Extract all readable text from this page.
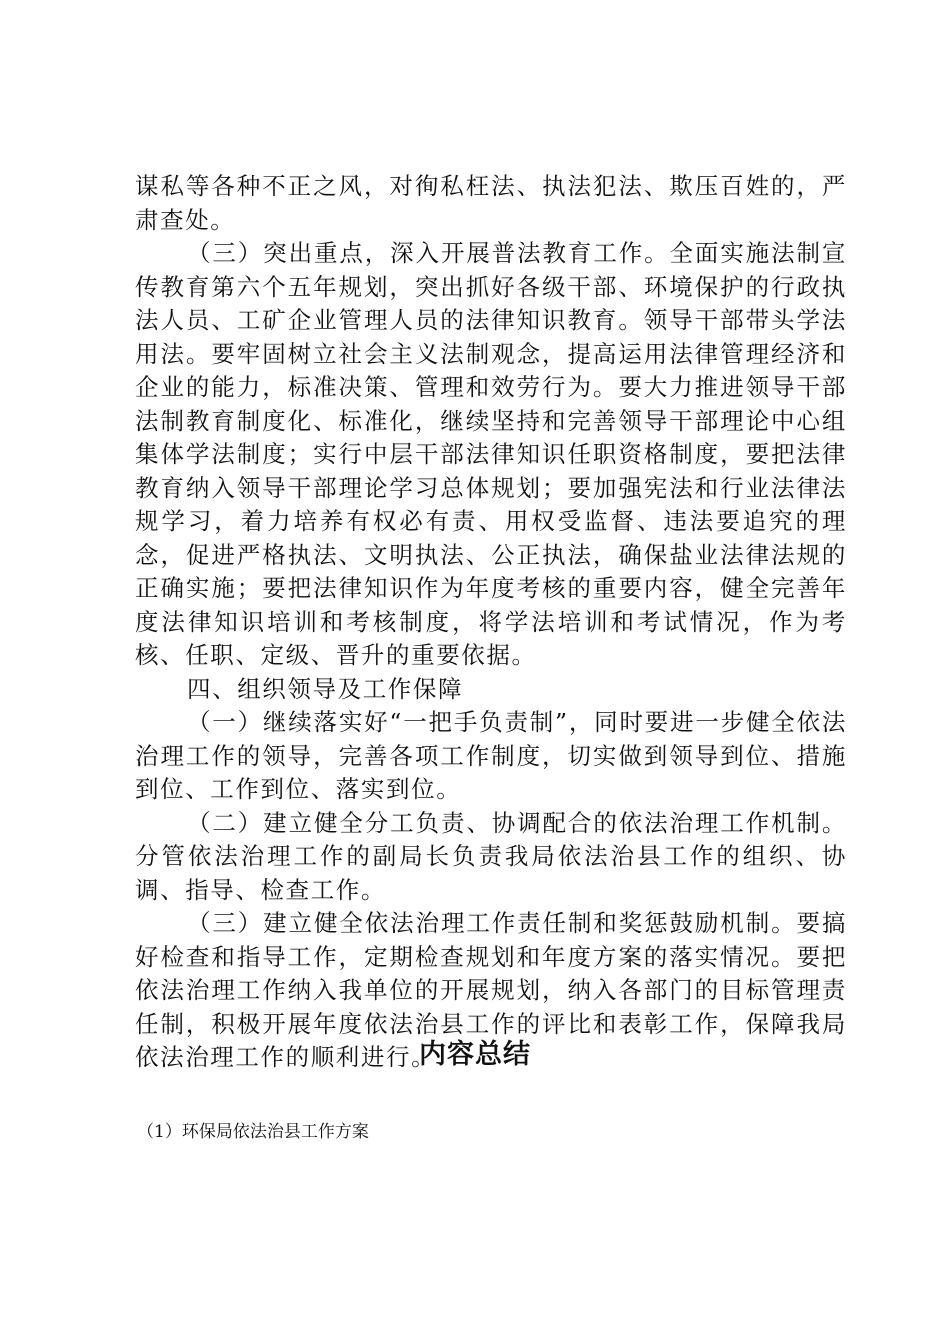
谋私等各种不正之风，对徇私枉法、执法犯法、欺压百姓的，严肃查处。

（三）突出重点，深入开展普法教育工作。全面实施法制宣传教育第六个五年规划，突出抓好各级干部、环境保护的行政执法人员、工矿企业管理人员的法律知识教育。领导干部带头学法用法。要牢固树立社会主义法制观念，提高运用法律管理经济和企业的能力，标准决策、管理和效劳行为。要大力推进领导干部法制教育制度化、标准化，继续坚持和完善领导干部理论中心组集体学法制度；实行中层干部法律知识任职资格制度，要把法律教育纳入领导干部理论学习总体规划；要加强宪法和行业法律法规学习，着力培养有权必有责、用权受监督、违法要追究的理念，促进严格执法、文明执法、公正执法，确保盐业法律法规的正确实施；要把法律知识作为年度考核的重要内容，健全完善年度法律知识培训和考核制度，将学法培训和考试情况，作为考核、任职、定级、晋升的重要依据。

四、组织领导及工作保障

（一）继续落实好“一把手负责制”，同时要进一步健全依法治理工作的领导，完善各项工作制度，切实做到领导到位、措施到位、工作到位、落实到位。

（二）建立健全分工负责、协调配合的依法治理工作机制。分管依法治理工作的副局长负责我局依法治县工作的组织、协调、指导、检查工作。

（三）建立健全依法治理工作责任制和奖惩鼓励机制。要搞好检查和指导工作，定期检查规划和年度方案的落实情况。要把依法治理工作纳入我单位的开展规划，纳入各部门的目标管理责任制，积极开展年度依法治县工作的评比和表彰工作，保障我局依法治理工作的顺利进行。

内容总结

（1）环保局依法治县工作方案
